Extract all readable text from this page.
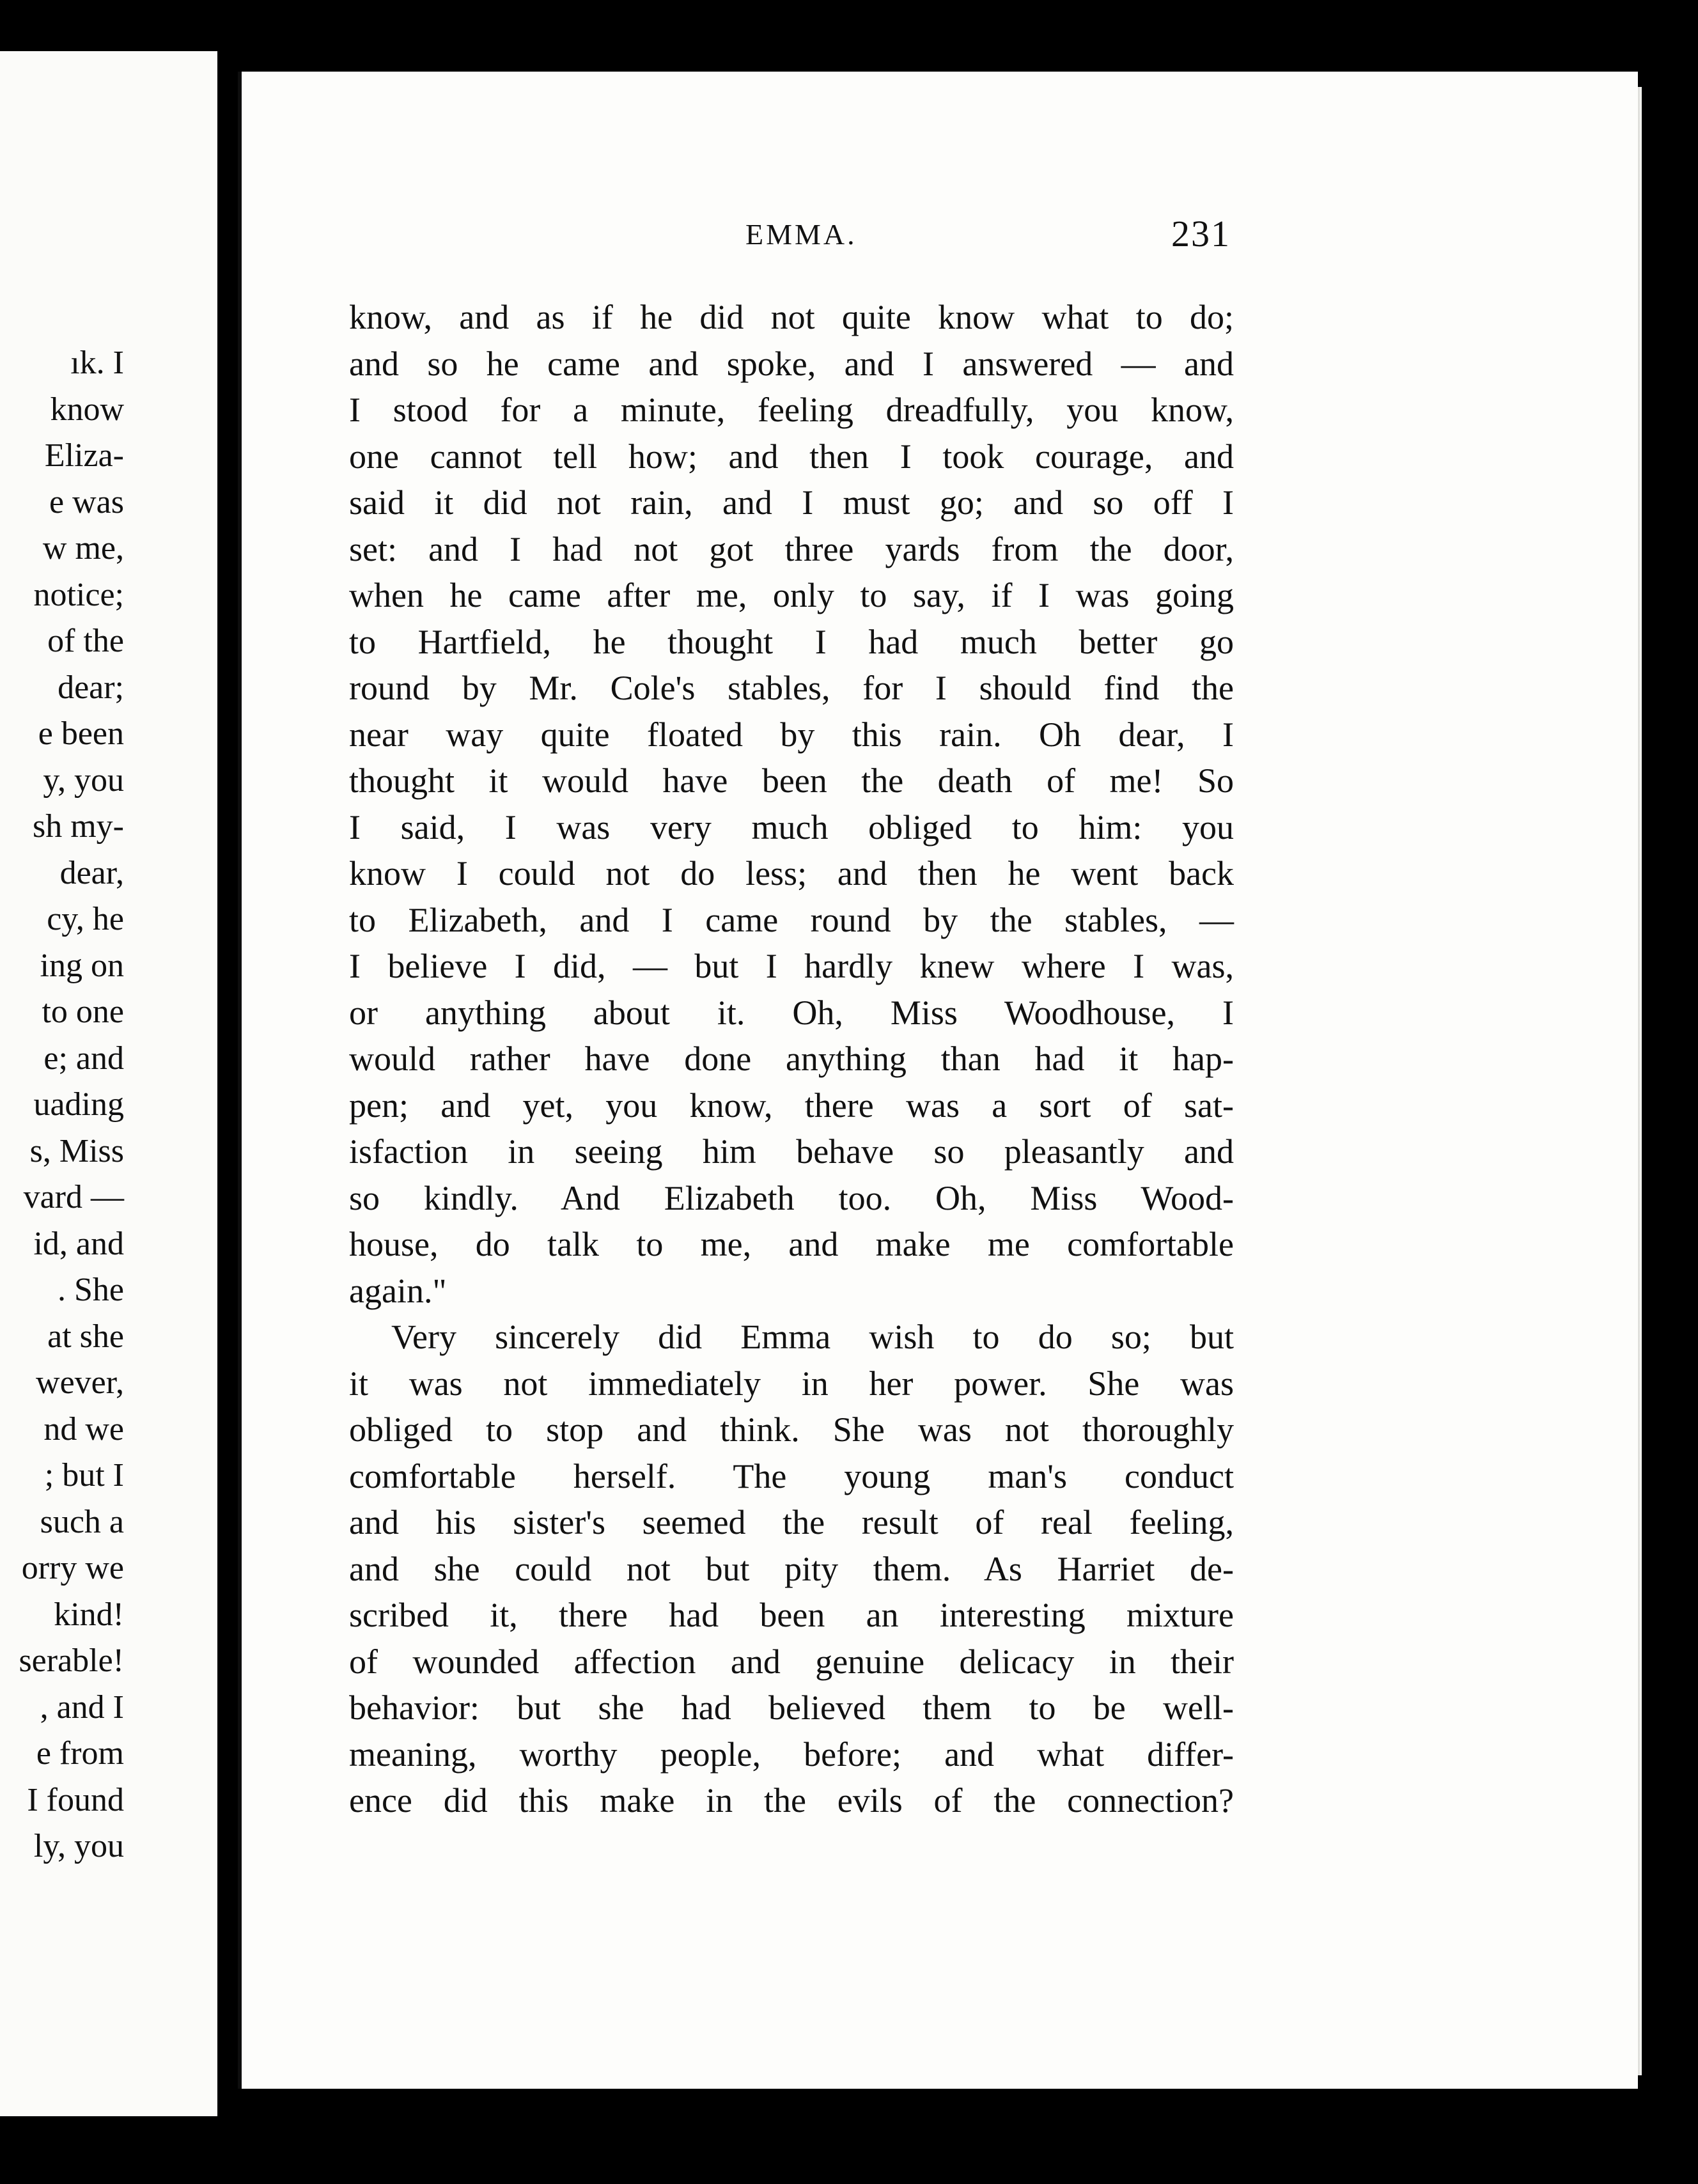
ık. I
know
Eliza-
e was
w me,
notice;
of the
dear;
e been
y, you
sh my-
dear,
cy, he
ing on
to one
e; and
uading
s, Miss
vard —
id, and
. She
at she
wever,
nd we
; but I
such a
orry we
kind!
serable!
, and I
e from
I found
ly, you
EMMA.	231
know, and as if he did not quite know what to do;
and so he came and spoke, and I answered — and
I stood for a minute, feeling dreadfully, you know,
one cannot tell how; and then I took courage, and
said it did not rain, and I must go; and so off I
set: and I had not got three yards from the door,
when he came after me, only to say, if I was going
to Hartfield, he thought I had much better go
round by Mr. Cole's stables, for I should find the
near way quite floated by this rain. Oh dear, I
thought it would have been the death of me! So
I said, I was very much obliged to him: you
know I could not do less; and then he went back
to Elizabeth, and I came round by the stables, —
I believe I did, — but I hardly knew where I was,
or anything about it. Oh, Miss Woodhouse, I
would rather have done anything than had it hap-
pen; and yet, you know, there was a sort of sat-
isfaction in seeing him behave so pleasantly and
so kindly. And Elizabeth too. Oh, Miss Wood-
house, do talk to me, and make me comfortable
again."
Very sincerely did Emma wish to do so; but
it was not immediately in her power. She was
obliged to stop and think. She was not thoroughly
comfortable herself. The young man's conduct
and his sister's seemed the result of real feeling,
and she could not but pity them. As Harriet de-
scribed it, there had been an interesting mixture
of wounded affection and genuine delicacy in their
behavior: but she had believed them to be well-
meaning, worthy people, before; and what differ-
ence did this make in the evils of the connection?
